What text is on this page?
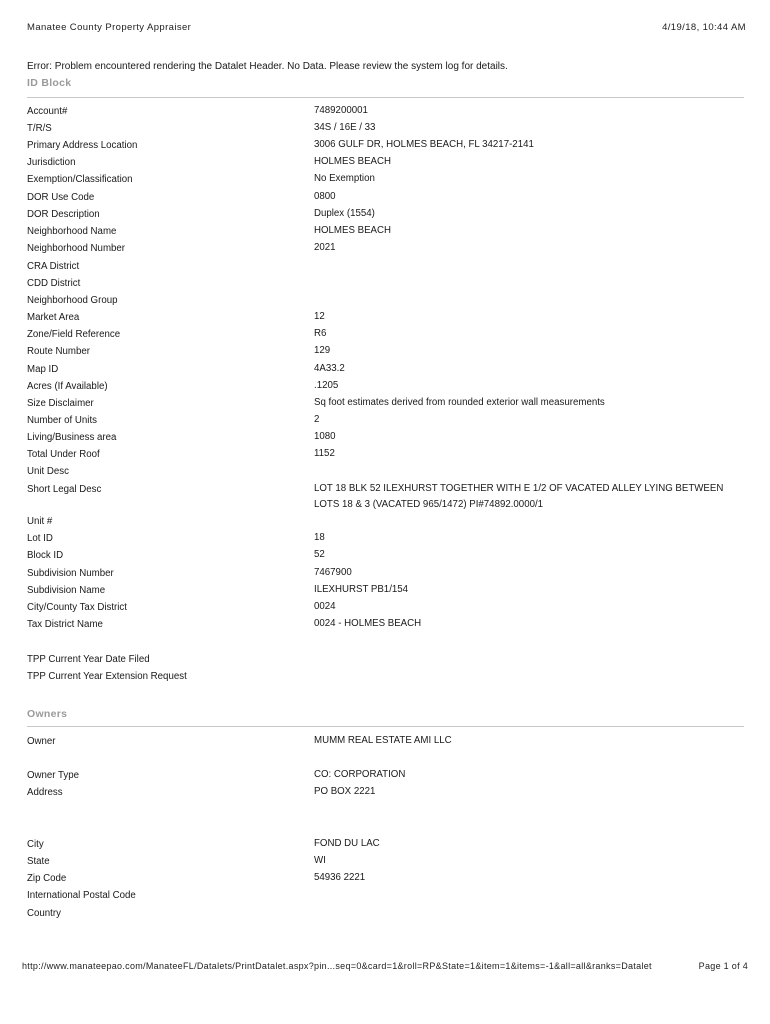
Manatee County Property Appraiser	4/19/18, 10:44 AM
Error: Problem encountered rendering the Datalet Header. No Data. Please review the system log for details.
ID Block
Account#	7489200001
T/R/S	34S / 16E / 33
Primary Address Location	3006 GULF DR, HOLMES BEACH, FL 34217-2141
Jurisdiction	HOLMES BEACH
Exemption/Classification	No Exemption
DOR Use Code	0800
DOR Description	Duplex (1554)
Neighborhood Name	HOLMES BEACH
Neighborhood Number	2021
CRA District
CDD District
Neighborhood Group
Market Area	12
Zone/Field Reference	R6
Route Number	129
Map ID	4A33.2
Acres (If Available)	.1205
Size Disclaimer	Sq foot estimates derived from rounded exterior wall measurements
Number of Units	2
Living/Business area	1080
Total Under Roof	1152
Unit Desc
Short Legal Desc	LOT 18 BLK 52 ILEXHURST TOGETHER WITH E 1/2 OF VACATED ALLEY LYING BETWEEN LOTS 18 & 3 (VACATED 965/1472) PI#74892.0000/1
Unit #
Lot ID	18
Block ID	52
Subdivision Number	7467900
Subdivision Name	ILEXHURST PB1/154
City/County Tax District	0024
Tax District Name	0024 - HOLMES BEACH
TPP Current Year Date Filed
TPP Current Year Extension Request
Owners
Owner	MUMM REAL ESTATE AMI LLC
Owner Type	CO: CORPORATION
Address	PO BOX 2221
City	FOND DU LAC
State	WI
Zip Code	54936 2221
International Postal Code
Country
http://www.manateepao.com/ManateeFL/Datalets/PrintDatalet.aspx?pin...seq=0&card=1&roll=RP&State=1&item=1&items=-1&all=all&ranks=Datalet	Page 1 of 4
